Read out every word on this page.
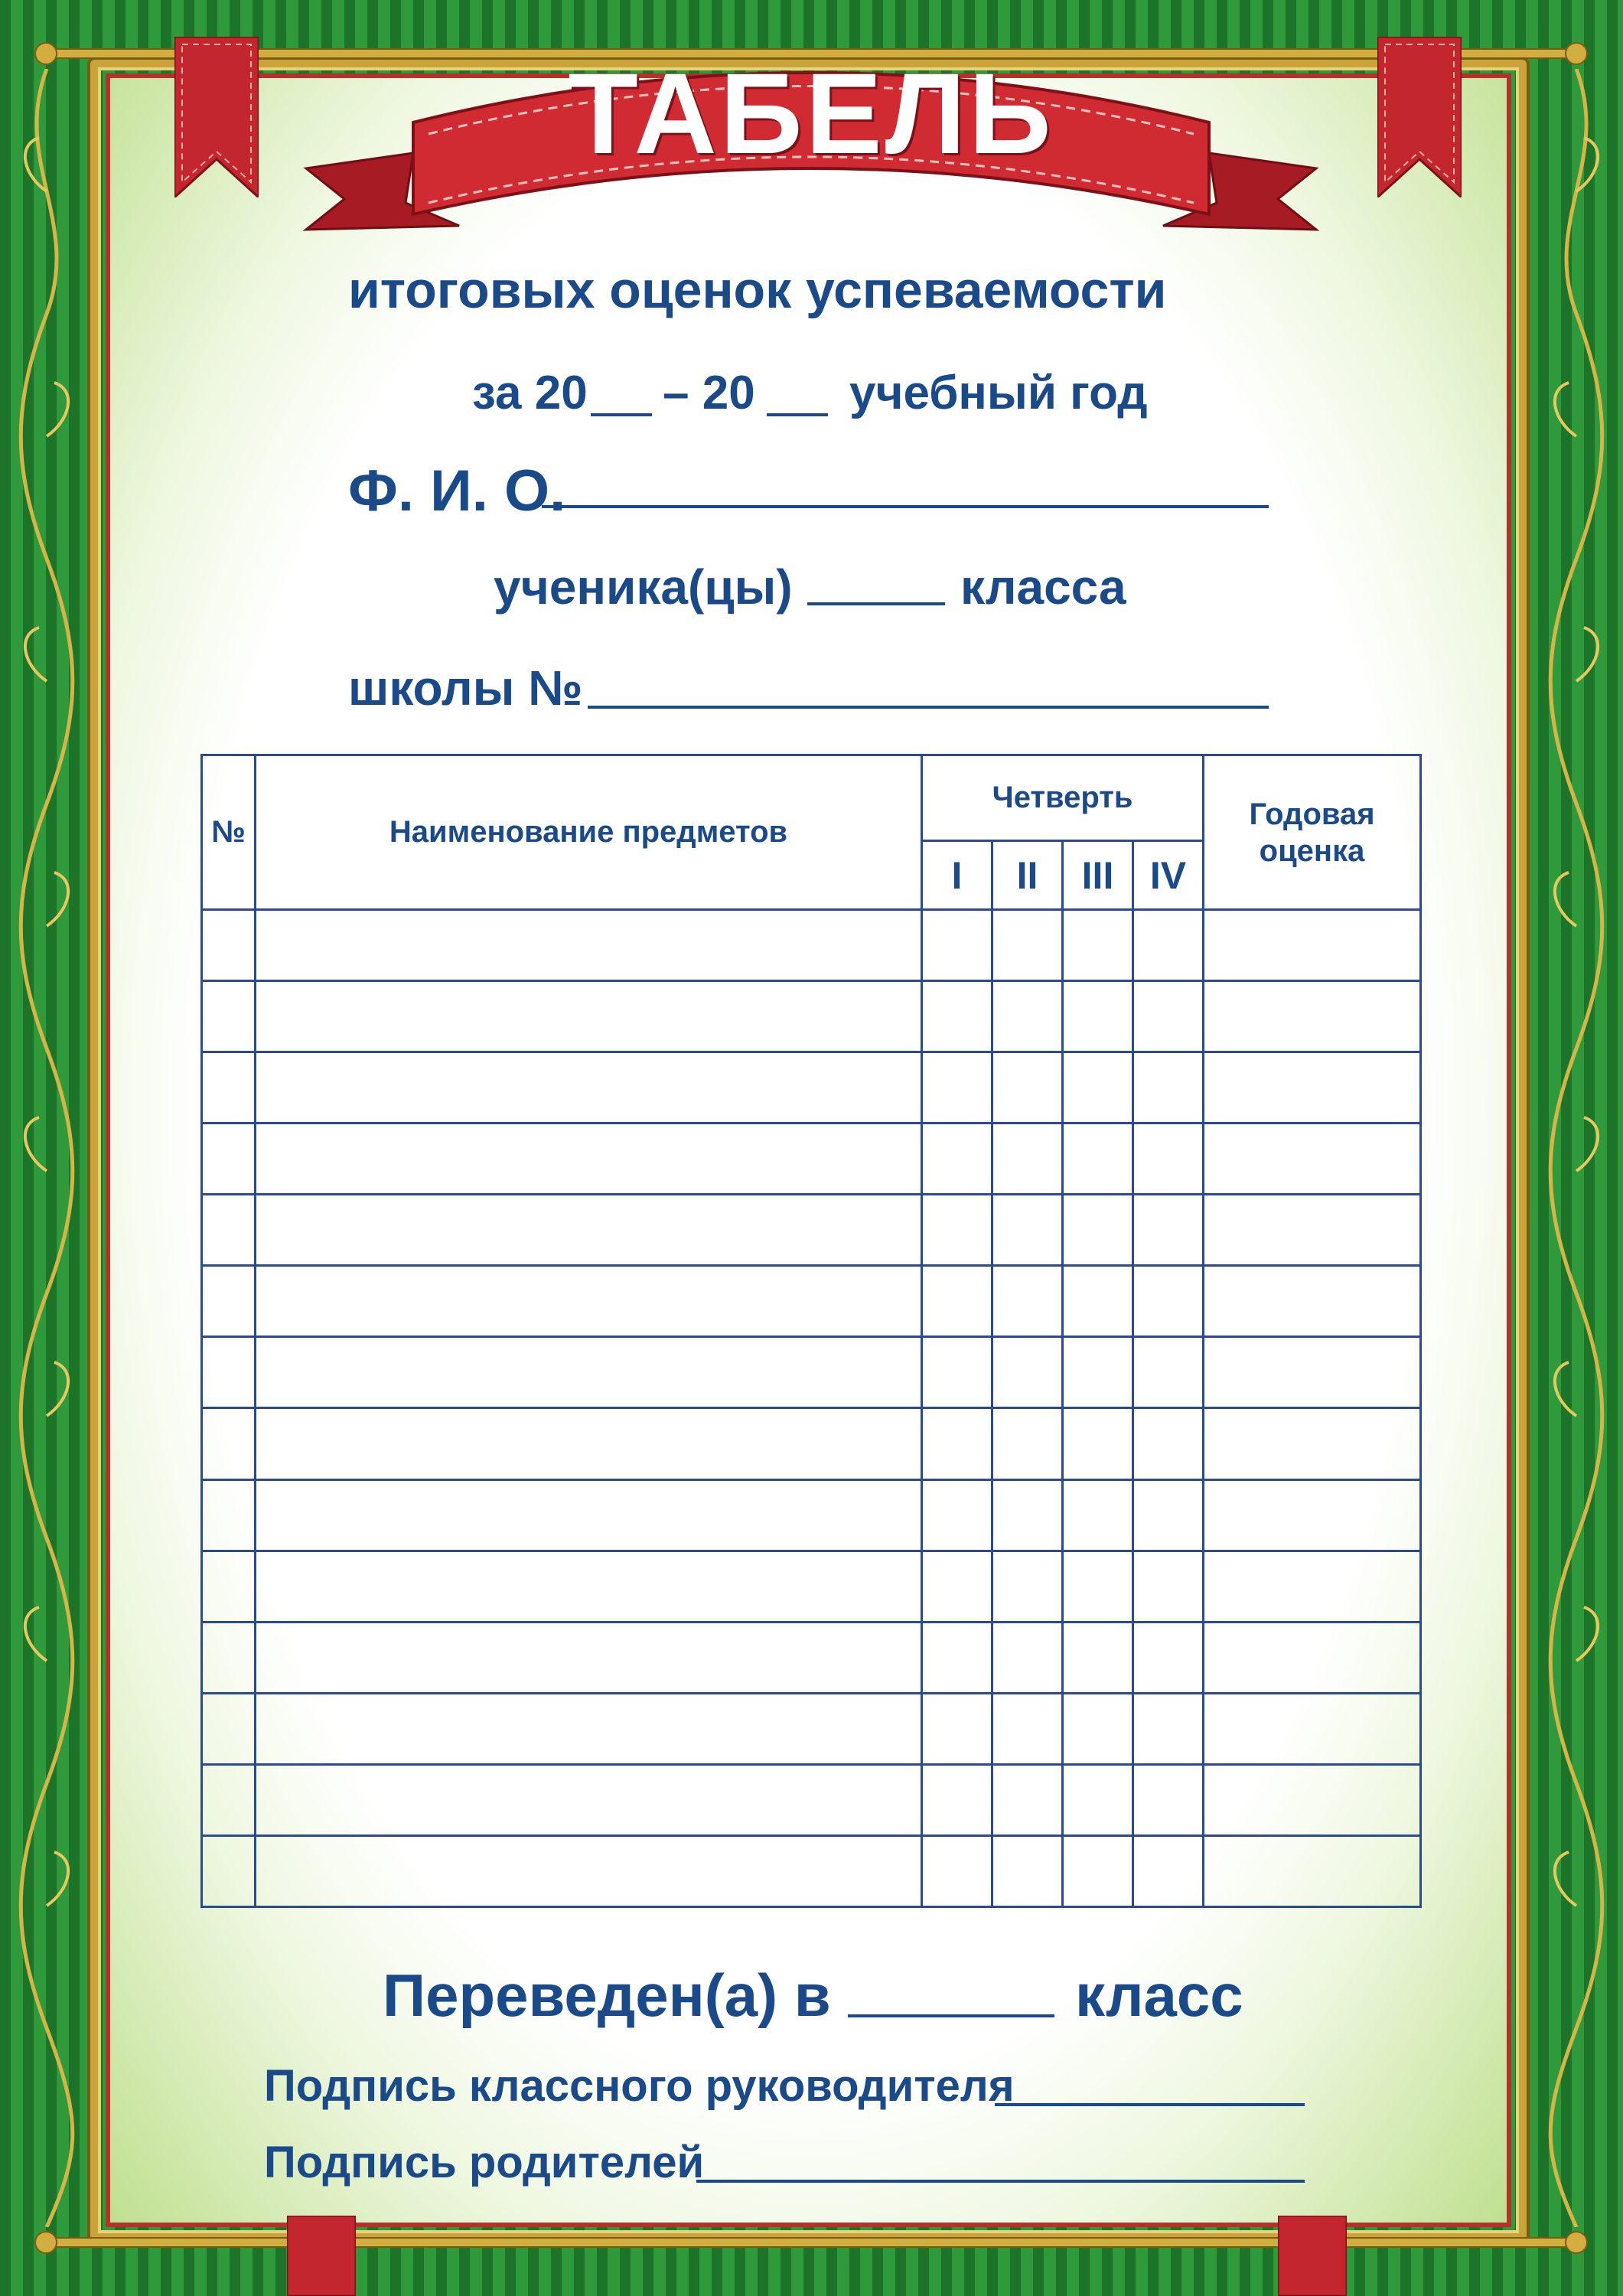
ТАБЕЛЬ
итоговых оценок успеваемости
за 20 – 20 учебный год
Ф. И. О.
ученика(цы)	класса
школы №
№	Наименование предметов	Четверть				Годовая оценка
		I	II	III	IV	

Переведен(а) в	класс
Подпись классного руководителя
Подпись родителей
